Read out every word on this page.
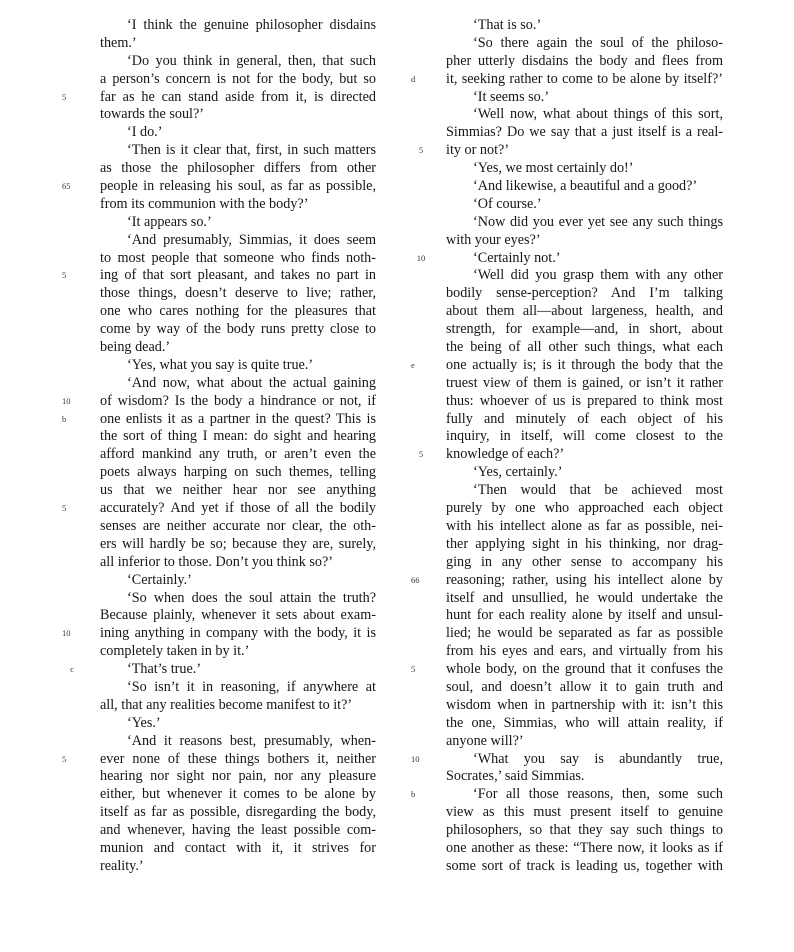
‘I think the genuine philosopher disdains
them.’
‘Do you think in general, then, that such
a person’s concern is not for the body, but so
5	far as he can stand aside from it, is directed
towards the soul?’
‘I do.’
‘Then is it clear that, first, in such matters
as those the philosopher differs from other
65	people in releasing his soul, as far as possible,
from its communion with the body?’
‘It appears so.’
‘And presumably, Simmias, it does seem
to most people that someone who finds noth-
5	ing of that sort pleasant, and takes no part in
those things, doesn’t deserve to live; rather,
one who cares nothing for the pleasures that
come by way of the body runs pretty close to
being dead.’
‘Yes, what you say is quite true.’
‘And now, what about the actual gaining
10	of wisdom? Is the body a hindrance or not, if
b	one enlists it as a partner in the quest? This is
the sort of thing I mean: do sight and hearing
afford mankind any truth, or aren’t even the
poets always harping on such themes, telling
us that we neither hear nor see anything
5	accurately? And yet if those of all the bodily
senses are neither accurate nor clear, the oth-
ers will hardly be so; because they are, surely,
all inferior to those. Don’t you think so?’
‘Certainly.’
‘So when does the soul attain the truth?
Because plainly, whenever it sets about exam-
10	ining anything in company with the body, it is
completely taken in by it.’
c	‘That’s true.’
‘So isn’t it in reasoning, if anywhere at
all, that any realities become manifest to it?’
‘Yes.’
‘And it reasons best, presumably, when-
5	ever none of these things bothers it, neither
hearing nor sight nor pain, nor any pleasure
either, but whenever it comes to be alone by
itself as far as possible, disregarding the body,
and whenever, having the least possible com-
munion and contact with it, it strives for
reality.’
‘That is so.’
‘So there again the soul of the philoso-
pher utterly disdains the body and flees from
d	it, seeking rather to come to be alone by itself?’
‘It seems so.’
‘Well now, what about things of this sort,
Simmias? Do we say that a just itself is a real-
5	ity or not?’
‘Yes, we most certainly do!’
‘And likewise, a beautiful and a good?’
‘Of course.’
‘Now did you ever yet see any such things
with your eyes?’
10	‘Certainly not.’
‘Well did you grasp them with any other
bodily sense-perception? And I’m talking
about them all—about largeness, health, and
strength, for example—and, in short, about
the being of all other such things, what each
e	one actually is; is it through the body that the
truest view of them is gained, or isn’t it rather
thus: whoever of us is prepared to think most
fully and minutely of each object of his
inquiry, in itself, will come closest to the
5	knowledge of each?’
‘Yes, certainly.’
‘Then would that be achieved most
purely by one who approached each object
with his intellect alone as far as possible, nei-
ther applying sight in his thinking, nor drag-
ging in any other sense to accompany his
66	reasoning; rather, using his intellect alone by
itself and unsullied, he would undertake the
hunt for each reality alone by itself and unsul-
lied; he would be separated as far as possible
from his eyes and ears, and virtually from his
5	whole body, on the ground that it confuses the
soul, and doesn’t allow it to gain truth and
wisdom when in partnership with it: isn’t this
the one, Simmias, who will attain reality, if
anyone will?’
10	‘What you say is abundantly true,
Socrates,’ said Simmias.
b	‘For all those reasons, then, some such
view as this must present itself to genuine
philosophers, so that they say such things to
one another as these: “There now, it looks as if
some sort of track is leading us, together with
